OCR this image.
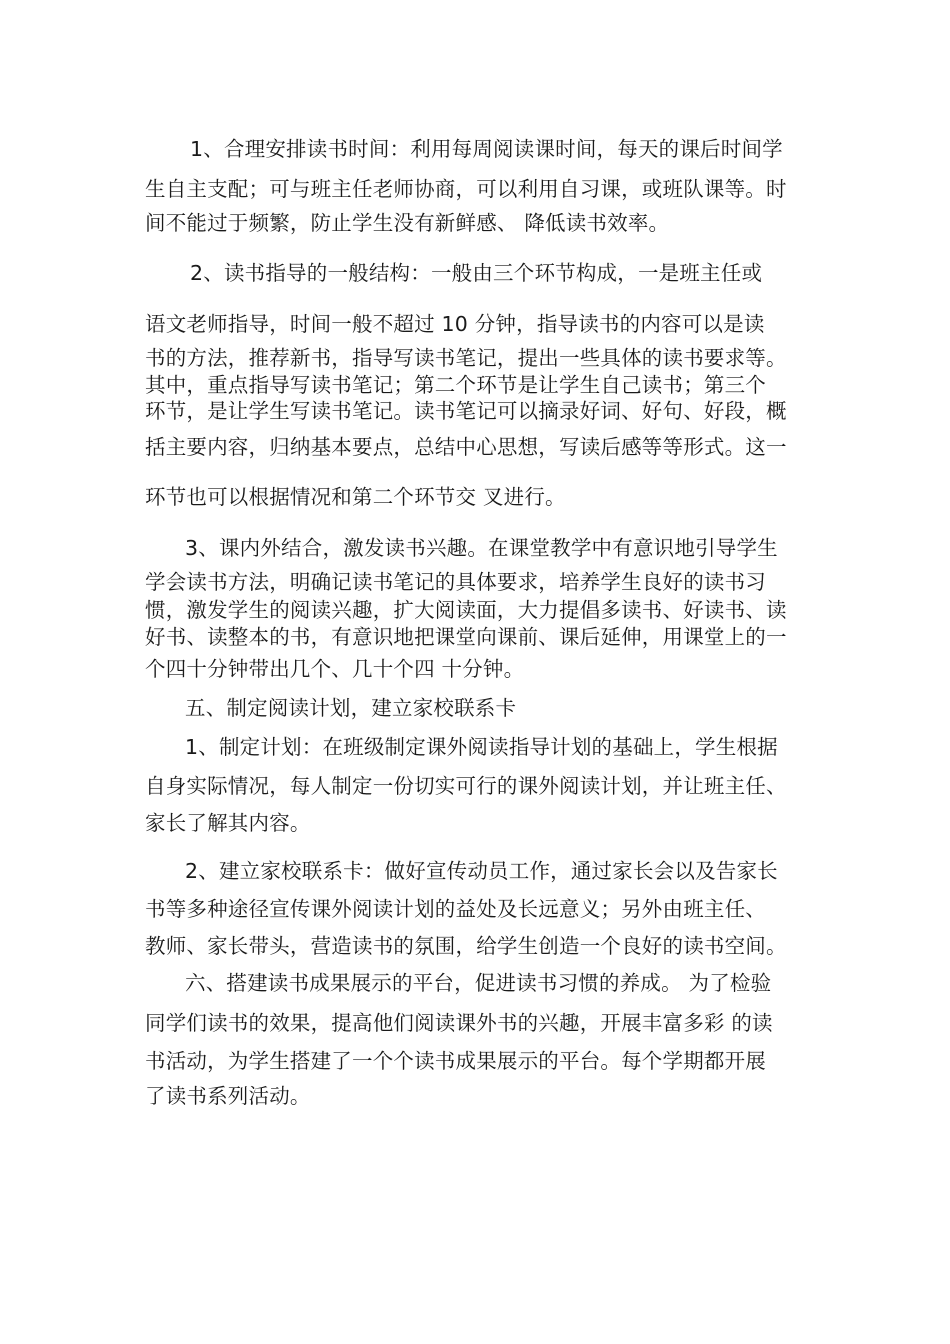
1、合理安排读书时间：利用每周阅读课时间，每天的课后时间学
生自主支配；可与班主任老师协商，可以利用自习课，或班队课等。时
间不能过于频繁，防止学生没有新鲜感、 降低读书效率。
2、读书指导的一般结构：一般由三个环节构成，一是班主任或
语文老师指导，时间一般不超过 10 分钟，指导读书的内容可以是读
书的方法，推荐新书，指导写读书笔记，提出一些具体的读书要求等。
其中，重点指导写读书笔记；第二个环节是让学生自己读书；第三个
环节，是让学生写读书笔记。读书笔记可以摘录好词、好句、好段，概
括主要内容，归纳基本要点，总结中心思想，写读后感等等形式。这一
环节也可以根据情况和第二个环节交 叉进行。
3、课内外结合，激发读书兴趣。在课堂教学中有意识地引导学生
学会读书方法，明确记读书笔记的具体要求，培养学生良好的读书习
惯，激发学生的阅读兴趣，扩大阅读面，大力提倡多读书、好读书、读
好书、读整本的书，有意识地把课堂向课前、课后延伸，用课堂上的一
个四十分钟带出几个、几十个四 十分钟。
五、制定阅读计划，建立家校联系卡
1、制定计划：在班级制定课外阅读指导计划的基础上，学生根据
自身实际情况，每人制定一份切实可行的课外阅读计划，并让班主任、
家长了解其内容。
2、建立家校联系卡：做好宣传动员工作，通过家长会以及告家长
书等多种途径宣传课外阅读计划的益处及长远意义；另外由班主任、
教师、家长带头，营造读书的氛围，给学生创造一个良好的读书空间。
六、搭建读书成果展示的平台，促进读书习惯的养成。 为了检验
同学们读书的效果，提高他们阅读课外书的兴趣，开展丰富多彩 的读
书活动，为学生搭建了一个个读书成果展示的平台。每个学期都开展
了读书系列活动。
